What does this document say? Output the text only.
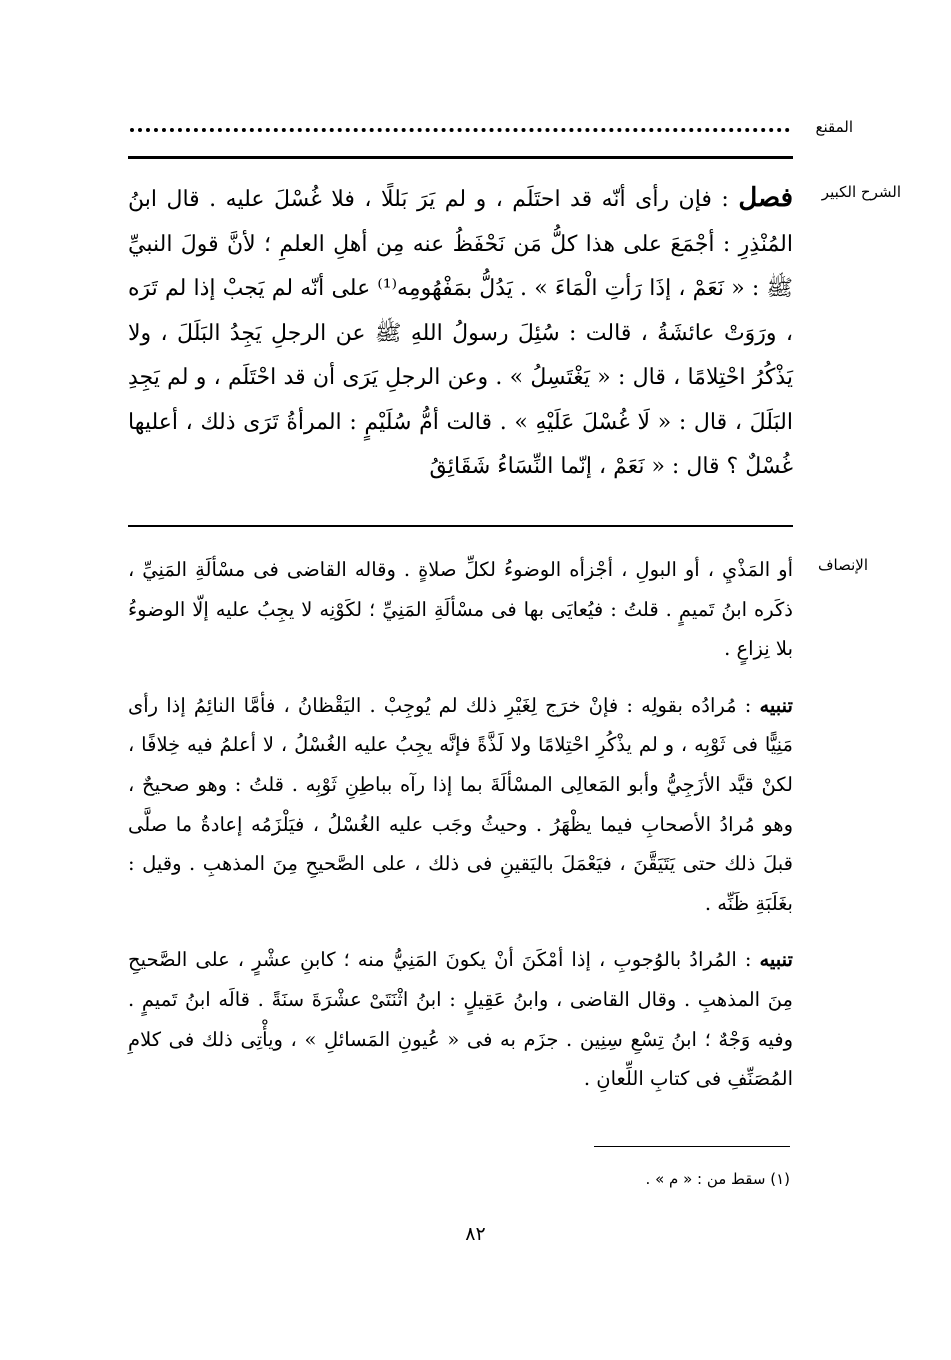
المقنع
الشرح الكبير

فصل : فإن رأى أنّه قد احتَلَم ، و لم يَرَ بَللًا ، فلا غُسْلَ عليه . قال ابنُ المُنْذِرِ : أجْمَعَ على هذا كلُّ مَن نَحْفَظُ عنه مِن أهلِ العلمِ ؛ لأنَّ قولَ النبيِّ ﷺ : « نَعَمْ ، إذَا رَأتِ الْمَاءَ » . يَدُلُّ بمَفْهُومِه⁽¹⁾ على أنّه لم يَجبْ إذا لم تَرَه ، ورَوَتْ عائشَةُ ، قالت : سُئِلَ رسولُ اللهِ ﷺ عن الرجلِ يَجِدُ البَلَلَ ، ولا يَذْكُرُ احْتِلامًا ، قال : « يَغْتَسِلُ » . وعن الرجلِ يَرَى أن قد احْتَلَم ، و لم يَجِدِ البَلَلَ ، قال : « لَا غُسْلَ عَلَيْهِ » . قالت أمُّ سُلَيْمٍ : المرأةُ تَرَى ذلك ، أعليها غُسْلٌ ؟ قال : « نَعَمْ ، إنّما النِّسَاءُ شَقَائِقُ

الإنصاف

أو المَذْيِ ، أو البولِ ، أجْزأه الوضوءُ لكلِّ صلاةٍ . وقاله القاضى فى مسْألَةِ المَنِيِّ ، ذكَره ابنُ تَميمٍ . قلتُ : فيُعايَى بها فى مسْألَةِ المَنِيِّ ؛ لكَوْنِه لا يجِبُ عليه إلّا الوضوءُ بلا نِزاعٍ .

تنبيه : مُرادُه بقولِه : فإنْ خرَج لِغَيْرِ ذلك لم يُوجِبْ . اليَقْظانُ ، فأمَّا النائِمُ إذا رأى مَنِيًّا فى ثَوْبِه ، و لم يذْكُرِ احْتِلامًا ولا لَذَّةً فإنَّه يجِبُ عليه الغُسْلُ ، لا أعلمُ فيه خِلافًا ، لكنْ قيَّد الأزَجِيُّ وأبو المَعالِى المسْألَةَ بما إذا رآه بباطِنِ ثَوْبِه . قلتُ : وهو صحيحٌ ، وهو مُرادُ الأصحابِ فيما يظْهَرُ . وحيثُ وجَب عليه الغُسْلُ ، فيَلْزَمُه إعادةُ ما صلَّى قبلَ ذلك حتى يَتَيَقَّنَ ، فيَعْمَلَ باليَقينِ فى ذلك ، على الصَّحيحِ مِنَ المذهبِ . وقيل : بغَلَبَةِ ظَنِّه .

تنبيه : المُرادُ بالوُجوبِ ، إذا أمْكَنَ أنْ يكونَ المَنِيُّ منه ؛ كابنِ عشْرٍ ، على الصَّحيحِ مِنَ المذهبِ . وقال القاضى ، وابنُ عَقِيلٍ : ابنُ اثْنَتَىْ عشْرَةَ سنَةً . قالَه ابنُ تَميمٍ . وفيه وَجْهٌ ؛ ابنُ تِسْعِ سِنِين . جزَم به فى « عُيونِ المَسائلِ » ، ويأْتِى ذلك فى كلامِ المُصَنِّفِ فى كتابِ اللِّعانِ .

(١) سقط من : « م » .
٨٢
